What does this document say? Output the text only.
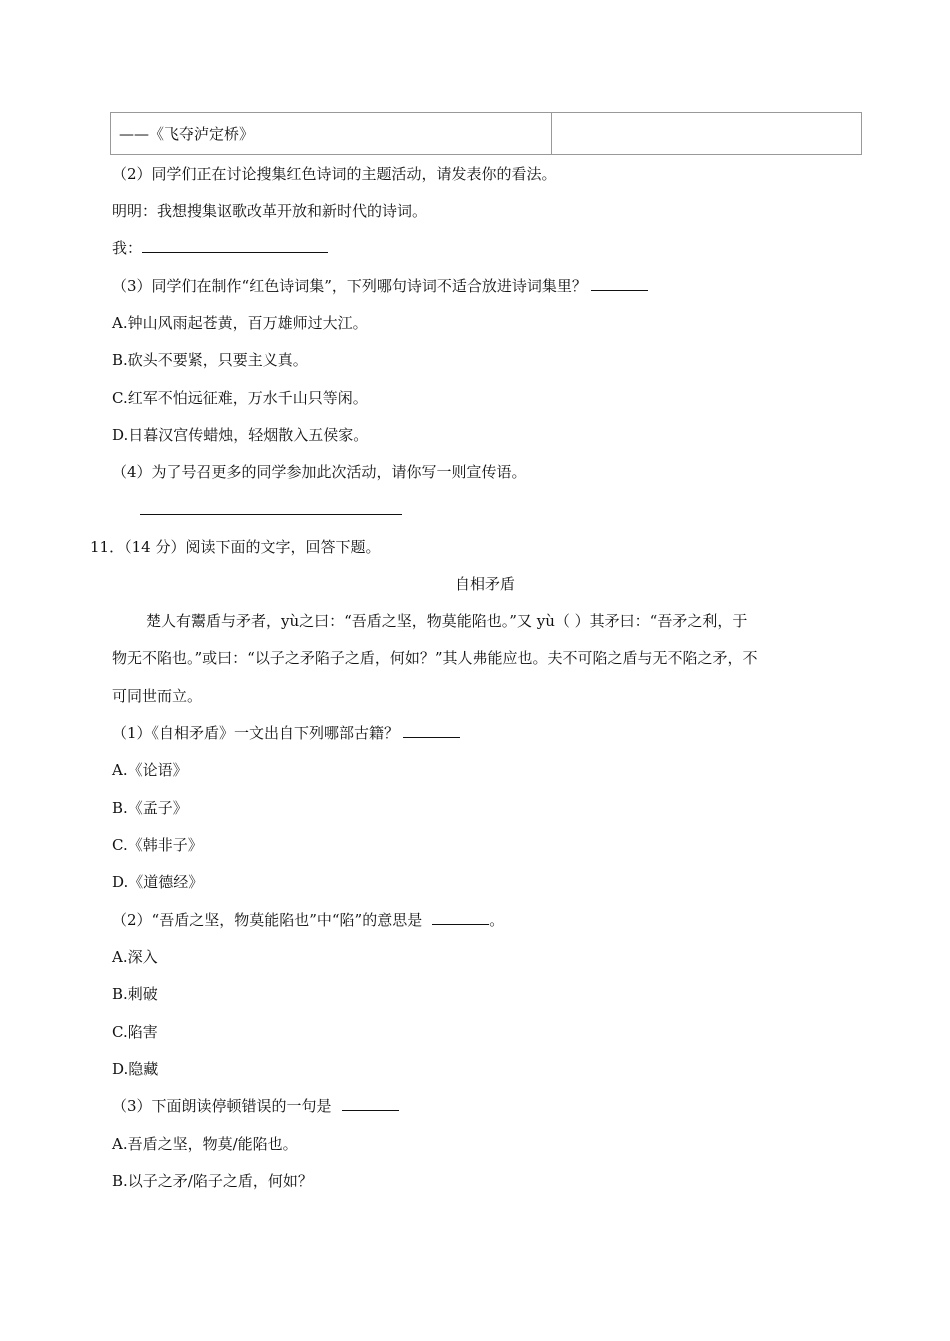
——《飞夺泸定桥》	
（2）同学们正在讨论搜集红色诗词的主题活动，请发表你的看法。
明明：我想搜集讴歌改革开放和新时代的诗词。
我：
（3）同学们在制作“红色诗词集”，下列哪句诗词不适合放进诗词集里？
A.钟山风雨起苍黄，百万雄师过大江。
B.砍头不要紧，只要主义真。
C.红军不怕远征难，万水千山只等闲。
D.日暮汉宫传蜡烛，轻烟散入五侯家。
（4）为了号召更多的同学参加此次活动，请你写一则宣传语。
11．（14 分）阅读下面的文字，回答下题。
自相矛盾
楚人有鬻盾与矛者，yù之曰：“吾盾之坚，物莫能陷也。”又 yù（ ）其矛曰：“吾矛之利，于
物无不陷也。”或曰：“以子之矛陷子之盾，何如？”其人弗能应也。夫不可陷之盾与无不陷之矛，不
可同世而立。
（1）《自相矛盾》一文出自下列哪部古籍？
A.《论语》
B.《孟子》
C.《韩非子》
D.《道德经》
（2）“吾盾之坚，物莫能陷也”中“陷”的意思是	。
A.深入
B.刺破
C.陷害
D.隐藏
（3）下面朗读停顿错误的一句是
A.吾盾之坚，物莫/能陷也。
B.以子之矛/陷子之盾，何如？
